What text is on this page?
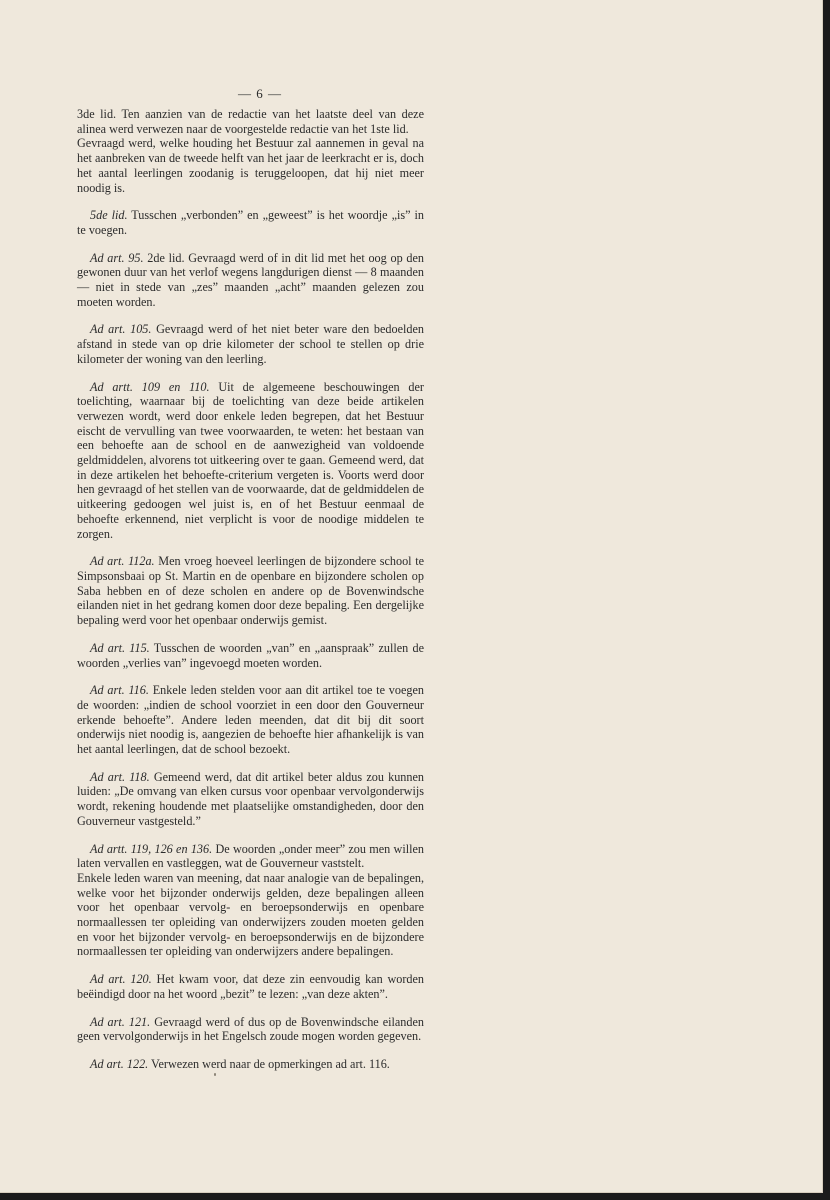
— 6 —

3de lid. Ten aanzien van de redactie van het laatste deel van deze alinea werd verwezen naar de voorgestelde redactie van het 1ste lid.

Gevraagd werd, welke houding het Bestuur zal aannemen in geval na het aanbreken van de tweede helft van het jaar de leerkracht er is, doch het aantal leerlingen zoodanig is teruggeloopen, dat hij niet meer noodig is.

5de lid. Tusschen „verbonden” en „geweest” is het woordje „is” in te voegen.

Ad art. 95. 2de lid. Gevraagd werd of in dit lid met het oog op den gewonen duur van het verlof wegens langdurigen dienst — 8 maanden — niet in stede van „zes” maanden „acht” maanden gelezen zou moeten worden.

Ad art. 105. Gevraagd werd of het niet beter ware den bedoelden afstand in stede van op drie kilometer der school te stellen op drie kilometer der woning van den leerling.

Ad artt. 109 en 110. Uit de algemeene beschouwingen der toelichting, waarnaar bij de toelichting van deze beide artikelen verwezen wordt, werd door enkele leden begrepen, dat het Bestuur eischt de vervulling van twee voorwaarden, te weten: het bestaan van een behoefte aan de school en de aanwezigheid van voldoende geldmiddelen, alvorens tot uitkeering over te gaan. Gemeend werd, dat in deze artikelen het behoefte-criterium vergeten is. Voorts werd door hen gevraagd of het stellen van de voorwaarde, dat de geldmiddelen de uitkeering gedoogen wel juist is, en of het Bestuur eenmaal de behoefte erkennend, niet verplicht is voor de noodige middelen te zorgen.

Ad art. 112a. Men vroeg hoeveel leerlingen de bijzondere school te Simpsonsbaai op St. Martin en de openbare en bijzondere scholen op Saba hebben en of deze scholen en andere op de Bovenwindsche eilanden niet in het gedrang komen door deze bepaling. Een dergelijke bepaling werd voor het openbaar onderwijs gemist.

Ad art. 115. Tusschen de woorden „van” en „aanspraak” zullen de woorden „verlies van” ingevoegd moeten worden.

Ad art. 116. Enkele leden stelden voor aan dit artikel toe te voegen de woorden: „indien de school voorziet in een door den Gouverneur erkende behoefte”. Andere leden meenden, dat dit bij dit soort onderwijs niet noodig is, aangezien de behoefte hier afhankelijk is van het aantal leerlingen, dat de school bezoekt.

Ad art. 118. Gemeend werd, dat dit artikel beter aldus zou kunnen luiden: „De omvang van elken cursus voor openbaar vervolgonderwijs wordt, rekening houdende met plaatselijke omstandigheden, door den Gouverneur vastgesteld.”

Ad artt. 119, 126 en 136. De woorden „onder meer” zou men willen laten vervallen en vastleggen, wat de Gouverneur vaststelt.

Enkele leden waren van meening, dat naar analogie van de bepalingen, welke voor het bijzonder onderwijs gelden, deze bepalingen alleen voor het openbaar vervolg- en beroepsonderwijs en openbare normaallessen ter opleiding van onderwijzers zouden moeten gelden en voor het bijzonder vervolg- en beroepsonderwijs en de bijzondere normaallessen ter opleiding van onderwijzers andere bepalingen.

Ad art. 120. Het kwam voor, dat deze zin eenvoudig kan worden beëindigd door na het woord „bezit” te lezen: „van deze akten”.

Ad art. 121. Gevraagd werd of dus op de Bovenwindsche eilanden geen vervolgonderwijs in het Engelsch zoude mogen worden gegeven.

Ad art. 122. Verwezen werd naar de opmerkingen ad art. 116.
